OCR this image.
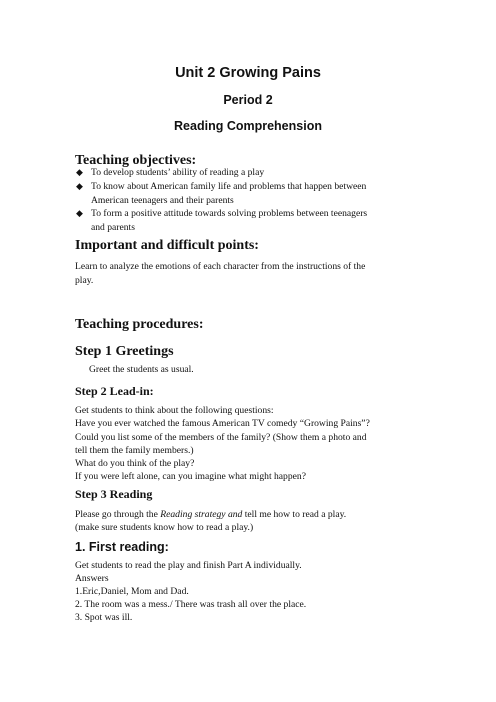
Unit 2 Growing Pains
Period 2
Reading Comprehension
Teaching objectives:
◆ To develop students’ ability of reading a play
◆ To know about American family life and problems that happen between
American teenagers and their parents
◆ To form a positive attitude towards solving problems between teenagers
and parents
Important and difficult points:
Learn to analyze the emotions of each character from the instructions of the
play.
Teaching procedures:
Step 1 Greetings
Greet the students as usual.
Step 2 Lead-in:
Get students to think about the following questions:
Have you ever watched the famous American TV comedy “Growing Pains”?
Could you list some of the members of the family? (Show them a photo and
tell them the family members.)
What do you think of the play?
If you were left alone, can you imagine what might happen?
Step 3 Reading
Please go through the Reading strategy and tell me how to read a play.
(make sure students know how to read a play.)
1. First reading:
Get students to read the play and finish Part A individually.
Answers
1.Eric,Daniel, Mom and Dad.
2. The room was a mess./ There was trash all over the place.
3. Spot was ill.
